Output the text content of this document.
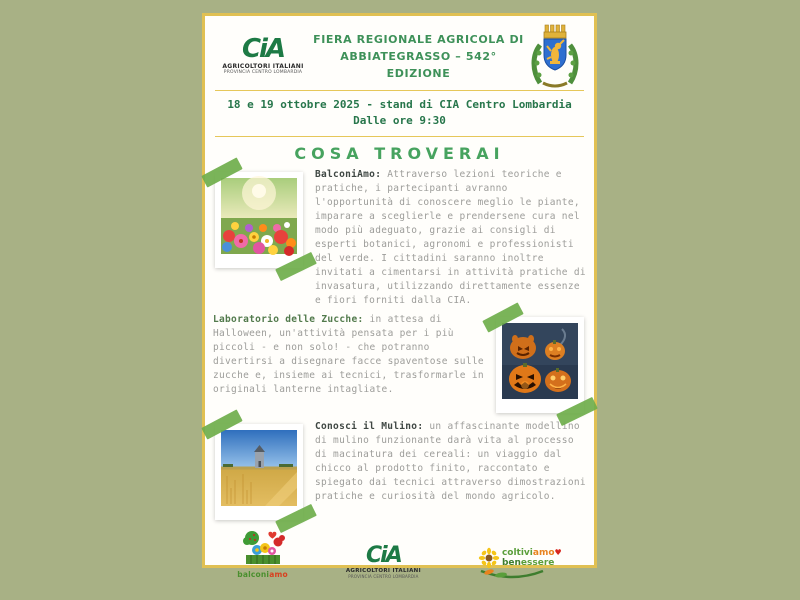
CiA
AGRICOLTORI ITALIANI
PROVINCIA CENTRO LOMBARDIA
FIERA REGIONALE AGRICOLA DI
ABBIATEGRASSO – 542° EDIZIONE
18 e 19 ottobre 2025 - stand di CIA Centro Lombardia
Dalle ore 9:30
COSA TROVERAI

BalconiAmo: Attraverso lezioni teoriche e pratiche, i partecipanti avranno l'opportunità di conoscere meglio le piante, imparare a sceglierle e prendersene cura nel modo più adeguato, grazie ai consigli di esperti botanici, agronomi e professionisti del verde. I cittadini saranno inoltre invitati a cimentarsi in attività pratiche di invasatura, utilizzando direttamente essenze e fiori forniti dalla CIA.

Laboratorio delle Zucche: in attesa di Halloween, un'attività pensata per i più piccoli - e non solo! - che potranno divertirsi a disegnare facce spaventose sulle zucche e, insieme ai tecnici, trasformarle in originali lanterne intagliate.

Conosci il Mulino: un affascinante modellino di mulino funzionante darà vita al processo di macinatura dei cereali: un viaggio dal chicco al prodotto finito, raccontato e spiegato dai tecnici attraverso dimostrazioni pratiche e curiosità del mondo agricolo.

balconiamo
CiA
AGRICOLTORI ITALIANI
PROVINCIA CENTRO LOMBARDIA
coltiviamo♥
benessere
